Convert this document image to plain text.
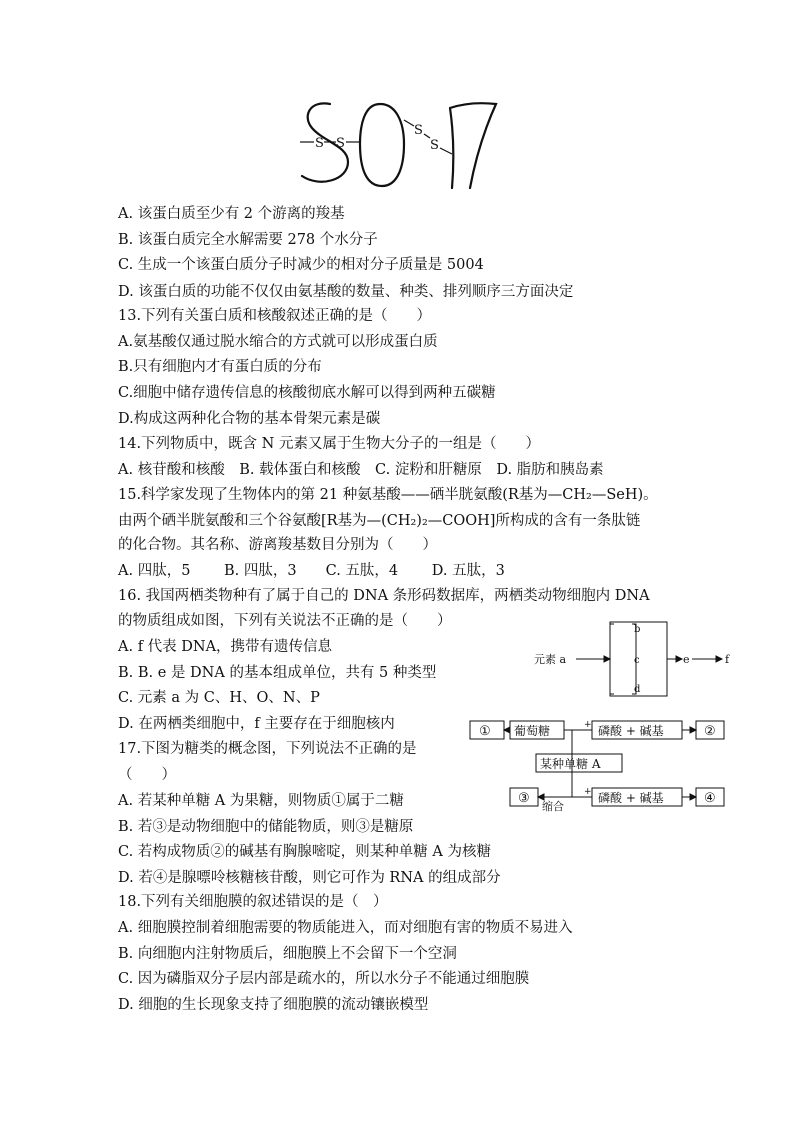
S S
S
S
A. 该蛋白质至少有 2 个游离的羧基
B. 该蛋白质完全水解需要 278 个水分子
C. 生成一个该蛋白质分子时减少的相对分子质量是 5004
D. 该蛋白质的功能不仅仅由氨基酸的数量、种类、排列顺序三方面决定
13.下列有关蛋白质和核酸叙述正确的是（　　）
A.氨基酸仅通过脱水缩合的方式就可以形成蛋白质
B.只有细胞内才有蛋白质的分布
C.细胞中储存遗传信息的核酸彻底水解可以得到两种五碳糖
D.构成这两种化合物的基本骨架元素是碳
14.下列物质中，既含 N 元素又属于生物大分子的一组是（　　）
A. 核苷酸和核酸　B. 载体蛋白和核酸　C. 淀粉和肝糖原　D. 脂肪和胰岛素
15.科学家发现了生物体内的第 21 种氨基酸——硒半胱氨酸(R基为—CH₂—SeH)。
由两个硒半胱氨酸和三个谷氨酸[R基为—(CH₂)₂—COOH]所构成的含有一条肽链
的化合物。其名称、游离羧基数目分别为（　　）
A. 四肽，5　　 B. 四肽，3　　C. 五肽，4　　 D. 五肽，3
16. 我国两栖类物种有了属于自己的 DNA 条形码数据库，两栖类动物细胞内 DNA
的物质组成如图，下列有关说法不正确的是（　　）
A. f 代表 DNA，携带有遗传信息
B. B. e 是 DNA 的基本组成单位，共有 5 种类型
C. 元素 a 为 C、H、O、N、P
D. 在两栖类细胞中，f 主要存在于细胞核内
元素 a
b
c
d
e	f
17.下图为糖类的概念图，下列说法不正确的是
（　　）
A. 若某种单糖 A 为果糖，则物质①属于二糖
B. 若③是动物细胞中的储能物质，则③是糖原
C. 若构成物质②的碱基有胸腺嘧啶，则某种单糖 A 为核糖
D. 若④是腺嘌呤核糖核苷酸，则它可作为 RNA 的组成部分
① 葡萄糖	+ 磷酸 + 碱基	②
某种单糖 A
③
缩合
+ 磷酸 + 碱基	④
18.下列有关细胞膜的叙述错误的是（　）
A. 细胞膜控制着细胞需要的物质能进入，而对细胞有害的物质不易进入
B. 向细胞内注射物质后，细胞膜上不会留下一个空洞
C. 因为磷脂双分子层内部是疏水的，所以水分子不能通过细胞膜
D. 细胞的生长现象支持了细胞膜的流动镶嵌模型
